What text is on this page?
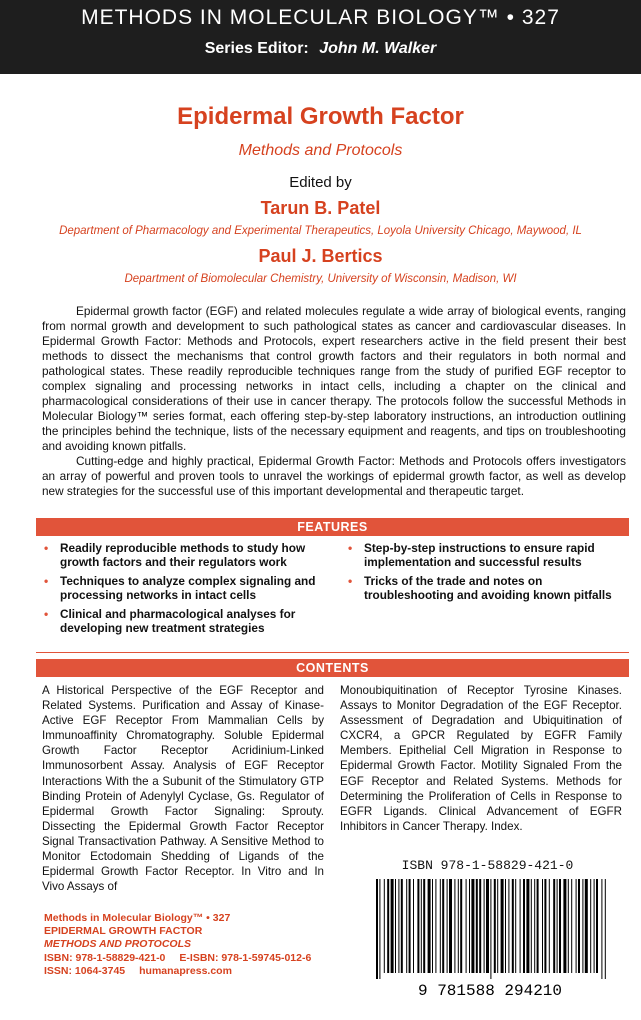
METHODS IN MOLECULAR BIOLOGY™ • 327
Series Editor: John M. Walker
Epidermal Growth Factor
Methods and Protocols
Edited by
Tarun B. Patel
Department of Pharmacology and Experimental Therapeutics, Loyola University Chicago, Maywood, IL
Paul J. Bertics
Department of Biomolecular Chemistry, University of Wisconsin, Madison, WI

Epidermal growth factor (EGF) and related molecules regulate a wide array of biological events, ranging from normal growth and development to such pathological states as cancer and cardiovascular diseases. In Epidermal Growth Factor: Methods and Protocols, expert researchers active in the field present their best methods to dissect the mechanisms that control growth factors and their regulators in both normal and pathological states. These readily reproducible techniques range from the study of purified EGF receptor to complex signaling and processing networks in intact cells, including a chapter on the clinical and pharmacological considerations of their use in cancer therapy. The protocols follow the successful Methods in Molecular Biology™ series format, each offering step-by-step laboratory instructions, an introduction outlining the principles behind the technique, lists of the necessary equipment and reagents, and tips on troubleshooting and avoiding known pitfalls.

Cutting-edge and highly practical, Epidermal Growth Factor: Methods and Protocols offers investigators an array of powerful and proven tools to unravel the workings of epidermal growth factor, as well as develop new strategies for the successful use of this important developmental and therapeutic target.

FEATURES
• Readily reproducible methods to study how growth factors and their regulators work
• Techniques to analyze complex signaling and processing networks in intact cells
• Clinical and pharmacological analyses for developing new treatment strategies
• Step-by-step instructions to ensure rapid implementation and successful results
• Tricks of the trade and notes on troubleshooting and avoiding known pitfalls
CONTENTS

A Historical Perspective of the EGF Receptor and Related Systems. Purification and Assay of Kinase-Active EGF Receptor From Mammalian Cells by Immunoaffinity Chromatography. Soluble Epidermal Growth Factor Receptor Acridinium-Linked Immunosorbent Assay. Analysis of EGF Receptor Interactions With the a Subunit of the Stimulatory GTP Binding Protein of Adenylyl Cyclase, Gs. Regulator of Epidermal Growth Factor Signaling: Sprouty. Dissecting the Epidermal Growth Factor Receptor Signal Transactivation Pathway. A Sensitive Method to Monitor Ectodomain Shedding of Ligands of the Epidermal Growth Factor Receptor. In Vitro and In Vivo Assays of

Monoubiquitination of Receptor Tyrosine Kinases. Assays to Monitor Degradation of the EGF Receptor. Assessment of Degradation and Ubiquitination of CXCR4, a GPCR Regulated by EGFR Family Members. Epithelial Cell Migration in Response to Epidermal Growth Factor. Motility Signaled From the EGF Receptor and Related Systems. Methods for Determining the Proliferation of Cells in Response to EGFR Ligands. Clinical Advancement of EGFR Inhibitors in Cancer Therapy. Index.

ISBN 978-1-58829-421-0
9 781588 294210
Methods in Molecular Biology™ • 327
EPIDERMAL GROWTH FACTOR
METHODS AND PROTOCOLS
ISBN: 978-1-58829-421-0 E-ISBN: 978-1-59745-012-6
ISSN: 1064-3745 humanapress.com
